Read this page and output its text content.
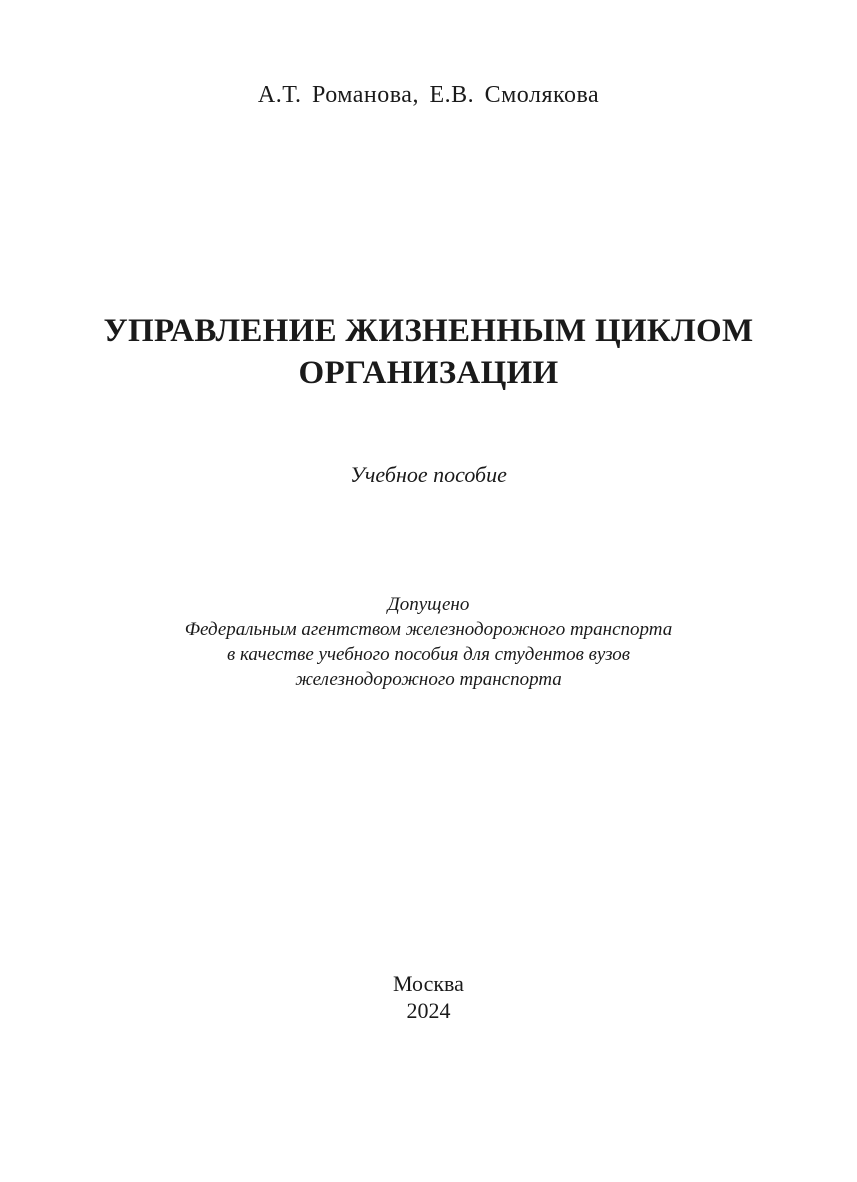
А.Т. Романова, Е.В. Смолякова
УПРАВЛЕНИЕ ЖИЗНЕННЫМ ЦИКЛОМ
ОРГАНИЗАЦИИ
Учебное пособие
Допущено
Федеральным агентством железнодорожного транспорта
в качестве учебного пособия для студентов вузов
железнодорожного транспорта
Москва
2024
